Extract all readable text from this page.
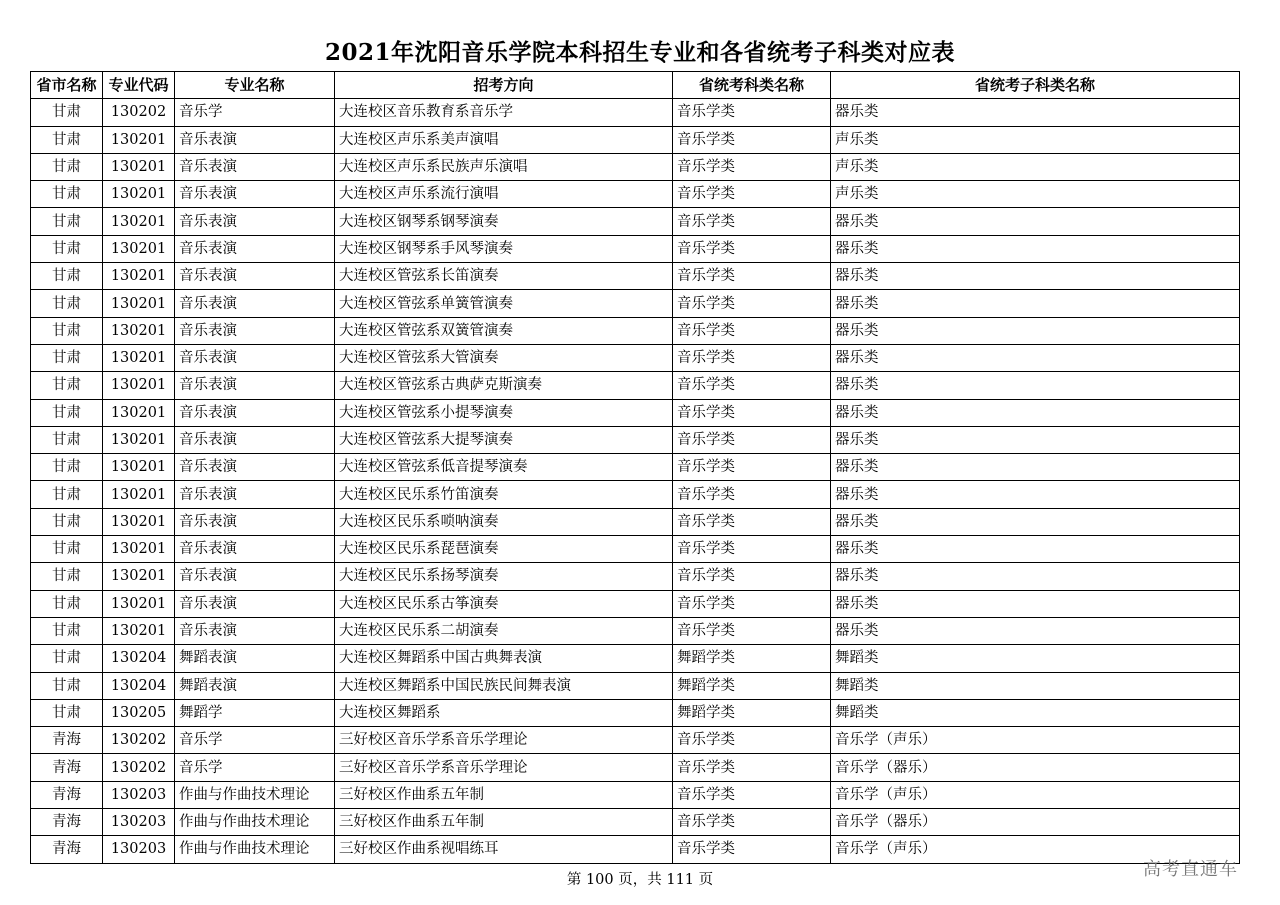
2021年沈阳音乐学院本科招生专业和各省统考子科类对应表
省市名称	专业代码	专业名称	招考方向	省统考科类名称	省统考子科类名称
甘肃	130202	音乐学	大连校区音乐教育系音乐学	音乐学类	器乐类
甘肃	130201	音乐表演	大连校区声乐系美声演唱	音乐学类	声乐类
甘肃	130201	音乐表演	大连校区声乐系民族声乐演唱	音乐学类	声乐类
甘肃	130201	音乐表演	大连校区声乐系流行演唱	音乐学类	声乐类
甘肃	130201	音乐表演	大连校区钢琴系钢琴演奏	音乐学类	器乐类
甘肃	130201	音乐表演	大连校区钢琴系手风琴演奏	音乐学类	器乐类
甘肃	130201	音乐表演	大连校区管弦系长笛演奏	音乐学类	器乐类
甘肃	130201	音乐表演	大连校区管弦系单簧管演奏	音乐学类	器乐类
甘肃	130201	音乐表演	大连校区管弦系双簧管演奏	音乐学类	器乐类
甘肃	130201	音乐表演	大连校区管弦系大管演奏	音乐学类	器乐类
甘肃	130201	音乐表演	大连校区管弦系古典萨克斯演奏	音乐学类	器乐类
甘肃	130201	音乐表演	大连校区管弦系小提琴演奏	音乐学类	器乐类
甘肃	130201	音乐表演	大连校区管弦系大提琴演奏	音乐学类	器乐类
甘肃	130201	音乐表演	大连校区管弦系低音提琴演奏	音乐学类	器乐类
甘肃	130201	音乐表演	大连校区民乐系竹笛演奏	音乐学类	器乐类
甘肃	130201	音乐表演	大连校区民乐系唢呐演奏	音乐学类	器乐类
甘肃	130201	音乐表演	大连校区民乐系琵琶演奏	音乐学类	器乐类
甘肃	130201	音乐表演	大连校区民乐系扬琴演奏	音乐学类	器乐类
甘肃	130201	音乐表演	大连校区民乐系古筝演奏	音乐学类	器乐类
甘肃	130201	音乐表演	大连校区民乐系二胡演奏	音乐学类	器乐类
甘肃	130204	舞蹈表演	大连校区舞蹈系中国古典舞表演	舞蹈学类	舞蹈类
甘肃	130204	舞蹈表演	大连校区舞蹈系中国民族民间舞表演	舞蹈学类	舞蹈类
甘肃	130205	舞蹈学	大连校区舞蹈系	舞蹈学类	舞蹈类
青海	130202	音乐学	三好校区音乐学系音乐学理论	音乐学类	音乐学（声乐）
青海	130202	音乐学	三好校区音乐学系音乐学理论	音乐学类	音乐学（器乐）
青海	130203	作曲与作曲技术理论	三好校区作曲系五年制	音乐学类	音乐学（声乐）
青海	130203	作曲与作曲技术理论	三好校区作曲系五年制	音乐学类	音乐学（器乐）
青海	130203	作曲与作曲技术理论	三好校区作曲系视唱练耳	音乐学类	音乐学（声乐）
第 100 页，共 111 页	高考直通车
